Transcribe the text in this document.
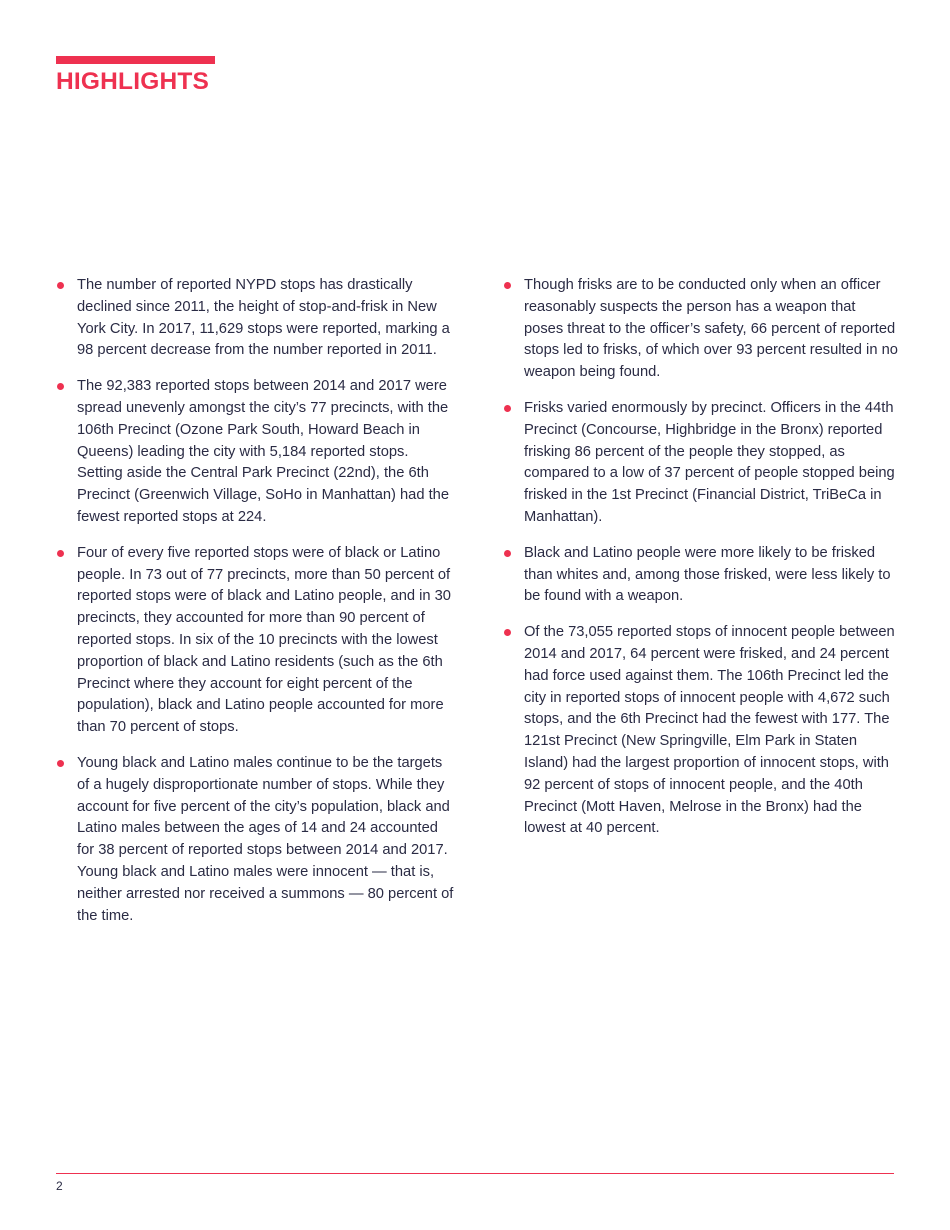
HIGHLIGHTS
The number of reported NYPD stops has drastically declined since 2011, the height of stop-and-frisk in New York City. In 2017, 11,629 stops were reported, marking a 98 percent decrease from the number reported in 2011.
The 92,383 reported stops between 2014 and 2017 were spread unevenly amongst the city’s 77 precincts, with the 106th Precinct (Ozone Park South, Howard Beach in Queens) leading the city with 5,184 reported stops. Setting aside the Central Park Precinct (22nd), the 6th Precinct (Greenwich Village, SoHo in Manhattan) had the fewest reported stops at 224.
Four of every five reported stops were of black or Latino people. In 73 out of 77 precincts, more than 50 percent of reported stops were of black and Latino people, and in 30 precincts, they accounted for more than 90 percent of reported stops. In six of the 10 precincts with the lowest proportion of black and Latino residents (such as the 6th Precinct where they account for eight percent of the population), black and Latino people accounted for more than 70 percent of stops.
Young black and Latino males continue to be the targets of a hugely disproportionate number of stops. While they account for five percent of the city’s population, black and Latino males between the ages of 14 and 24 accounted for 38 percent of reported stops between 2014 and 2017. Young black and Latino males were innocent — that is, neither arrested nor received a summons — 80 percent of the time.
Though frisks are to be conducted only when an officer reasonably suspects the person has a weapon that poses threat to the officer’s safety, 66 percent of reported stops led to frisks, of which over 93 percent resulted in no weapon being found.
Frisks varied enormously by precinct. Officers in the 44th Precinct (Concourse, Highbridge in the Bronx) reported frisking 86 percent of the people they stopped, as compared to a low of 37 percent of people stopped being frisked in the 1st Precinct (Financial District, TriBeCa in Manhattan).
Black and Latino people were more likely to be frisked than whites and, among those frisked, were less likely to be found with a weapon.
Of the 73,055 reported stops of innocent people between 2014 and 2017, 64 percent were frisked, and 24 percent had force used against them. The 106th Precinct led the city in reported stops of innocent people with 4,672 such stops, and the 6th Precinct had the fewest with 177. The 121st Precinct (New Springville, Elm Park in Staten Island) had the largest proportion of innocent stops, with 92 percent of stops of innocent people, and the 40th Precinct (Mott Haven, Melrose in the Bronx) had the lowest at 40 percent.
2
